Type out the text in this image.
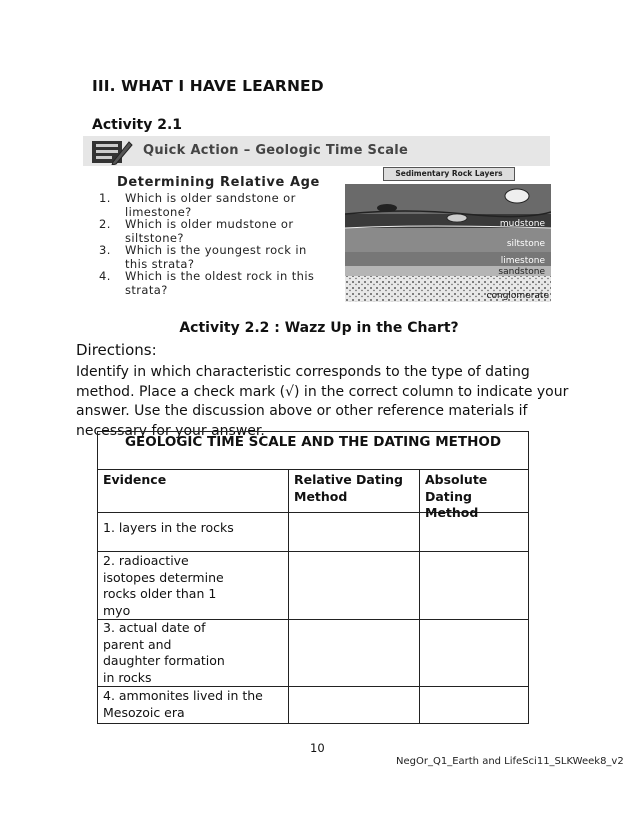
III. WHAT I HAVE LEARNED
Activity 2.1
Quick Action – Geologic Time Scale
Determining Relative Age
1. Which is older sandstone or limestone?
2. Which is older mudstone or siltstone?
3. Which is the youngest rock in this strata?
4. Which is the oldest rock in this strata?
Sedimentary Rock Layers
mudstone
siltstone
limestone
sandstone
conglomerate
Activity 2.2 : Wazz Up in the Chart?
Directions:
Identify in which characteristic corresponds to the type of dating method. Place a check mark (√) in the correct column to indicate your answer. Use the discussion above or other reference materials if necessary for your answer.
GEOLOGIC TIME SCALE AND THE DATING METHOD
Evidence	Relative Dating Method
Absolute Dating Method
1. layers in the rocks
2. radioactive isotopes determine rocks older than 1 myo
3. actual date of parent and daughter formation in rocks
4. ammonites lived in the Mesozoic era
10
NegOr_Q1_Earth and LifeSci11_SLKWeek8_v2
